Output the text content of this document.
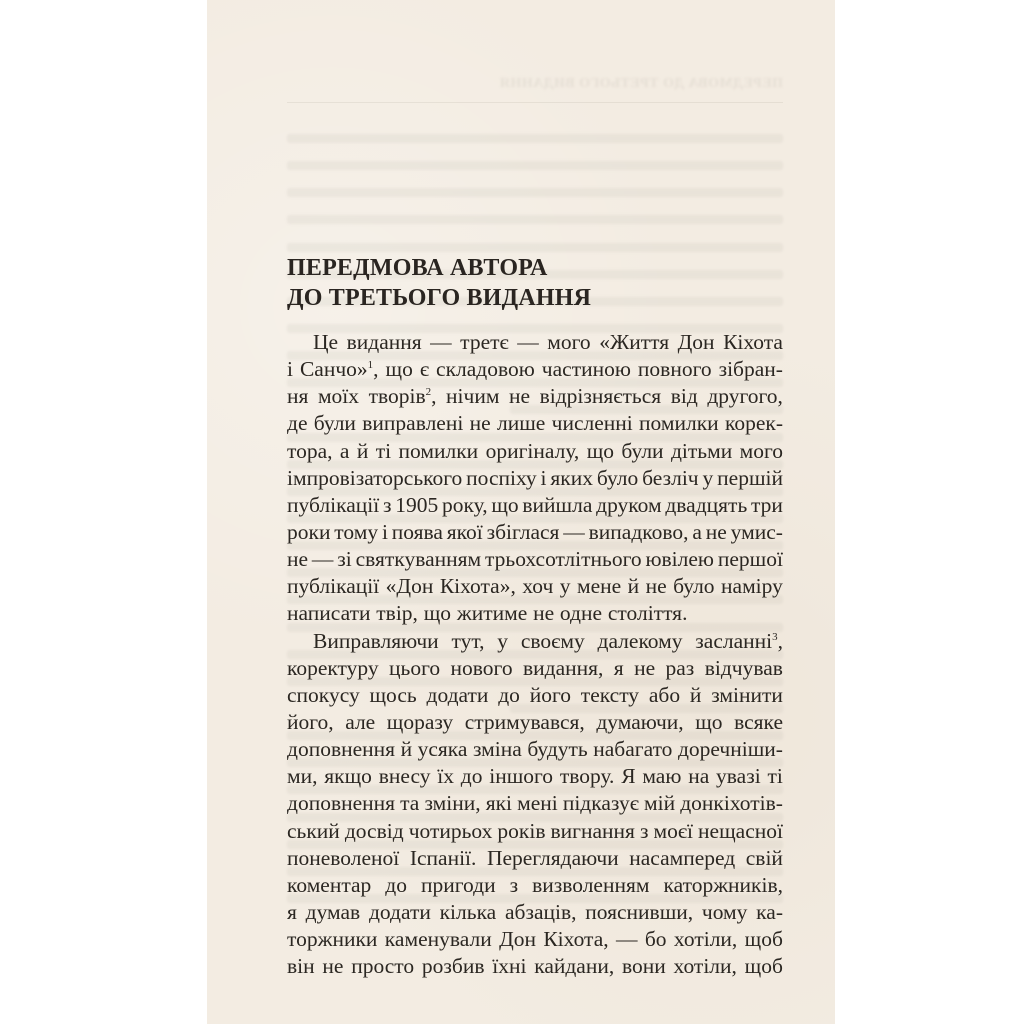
ПЕРЕДМОВА ДО ТРЕТЬОГО ВИДАННЯ
ПЕРЕДМОВА АВТОРА
ДО ТРЕТЬОГО ВИДАННЯ
Це видання — третє — мого «Життя Дон Кіхота
і Санчо»$^1$, що є складовою частиною повного зібран-
ня моїх творів$^2$, нічим не відрізняється від другого,
де були виправлені не лише численні помилки корек-
тора, а й ті помилки оригіналу, що були дітьми мого
імпровізаторського поспіху і яких було безліч у першій
публікації з 1905 року, що вийшла друком двадцять три
роки тому і поява якої збіглася — випадково, а не умис-
не — зі святкуванням трьохсотлітнього ювілею першої
публікації «Дон Кіхота», хоч у мене й не було наміру
написати твір, що житиме не одне століття.
Виправляючи тут, у своєму далекому засланні$^3$,
коректуру цього нового видання, я не раз відчував
спокусу щось додати до його тексту або й змінити
його, але щоразу стримувався, думаючи, що всяке
доповнення й усяка зміна будуть набагато доречніши-
ми, якщо внесу їх до іншого твору. Я маю на увазі ті
доповнення та зміни, які мені підказує мій донкіхотів-
ський досвід чотирьох років вигнання з моєї нещасної
поневоленої Іспанії. Переглядаючи насамперед свій
коментар до пригоди з визволенням каторжників,
я думав додати кілька абзаців, пояснивши, чому ка-
торжники каменували Дон Кіхота, — бо хотіли, щоб
він не просто розбив їхні кайдани, вони хотіли, щоб
